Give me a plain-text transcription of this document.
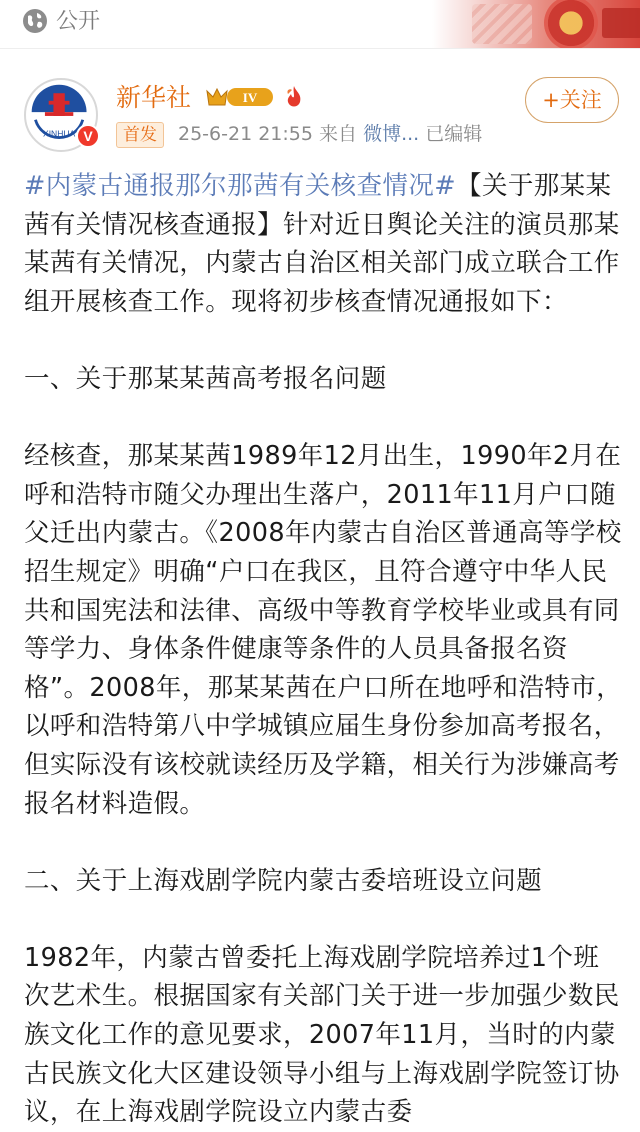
公开
XINHUA V
新华社	IV
首发	25-6-21 21:55 来自 微博... 已编辑
+关注

#内蒙古通报那尔那茜有关核查情况#【关于那某某茜有关情况核查通报】针对近日舆论关注的演员那某某茜有关情况，内蒙古自治区相关部门成立联合工作组开展核查工作。现将初步核查情况通报如下：

一、关于那某某茜高考报名问题

经核查，那某某茜1989年12月出生，1990年2月在呼和浩特市随父办理出生落户，2011年11月户口随父迁出内蒙古。《2008年内蒙古自治区普通高等学校招生规定》明确“户口在我区，且符合遵守中华人民共和国宪法和法律、高级中等教育学校毕业或具有同等学力、身体条件健康等条件的人员具备报名资格”。2008年，那某某茜在户口所在地呼和浩特市，以呼和浩特第八中学城镇应届生身份参加高考报名，但实际没有该校就读经历及学籍，相关行为涉嫌高考报名材料造假。

二、关于上海戏剧学院内蒙古委培班设立问题

1982年，内蒙古曾委托上海戏剧学院培养过1个班次艺术生。根据国家有关部门关于进一步加强少数民族文化工作的意见要求，2007年11月，当时的内蒙古民族文化大区建设领导小组与上海戏剧学院签订协议，在上海戏剧学院设立内蒙古委
